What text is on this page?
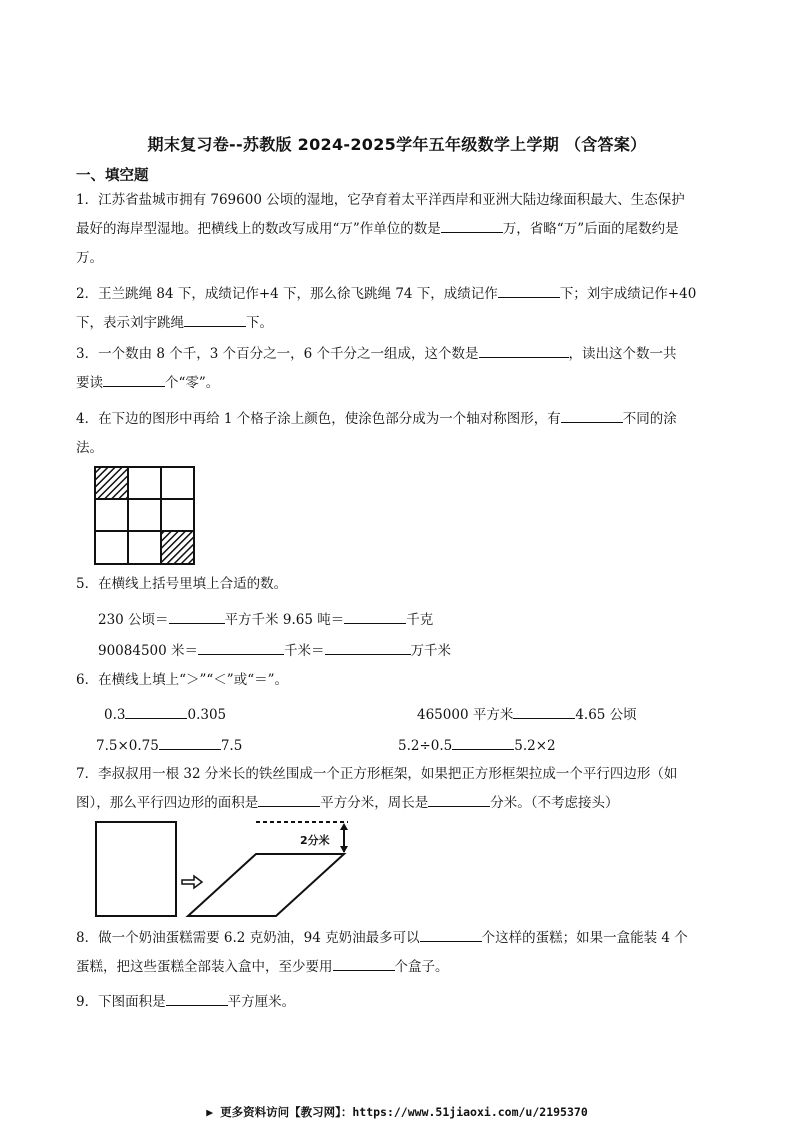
期末复习卷--苏教版 2024-2025学年五年级数学上学期 （含答案）
一、填空题
1．江苏省盐城市拥有 769600 公顷的湿地，它孕育着太平洋西岸和亚洲大陆边缘面积最大、生态保护
最好的海岸型湿地。把横线上的数改写成用“万”作单位的数是	万，省略“万”后面的尾数约是
万。
2．王兰跳绳 84 下，成绩记作+4 下，那么徐飞跳绳 74 下，成绩记作	下；刘宇成绩记作+40
下，表示刘宇跳绳	下。
3．一个数由 8 个千，3 个百分之一，6 个千分之一组成，这个数是	，读出这个数一共
要读	个“零”。
4．在下边的图形中再给 1 个格子涂上颜色，使涂色部分成为一个轴对称图形，有	不同的涂
法。
5．在横线上括号里填上合适的数。
230 公顷＝	平方千米 9.65 吨＝	千克
90084500 米＝	千米＝	万千米
6．在横线上填上“＞”“＜”或“＝”。
0.3	0.305	465000 平方米	4.65 公顷
7.5×0.75	7.5	5.2÷0.5	5.2×2
7．李叔叔用一根 32 分米长的铁丝围成一个正方形框架，如果把正方形框架拉成一个平行四边形（如
图），那么平行四边形的面积是	平方分米，周长是	分米。（不考虑接头）
2分米
8．做一个奶油蛋糕需要 6.2 克奶油，94 克奶油最多可以	个这样的蛋糕；如果一盒能装 4 个
蛋糕，把这些蛋糕全部装入盒中，至少要用	个盒子。
9．下图面积是	平方厘米。
▶ 更多资料访问【教习网】：https://www.51jiaoxi.com/u/2195370
